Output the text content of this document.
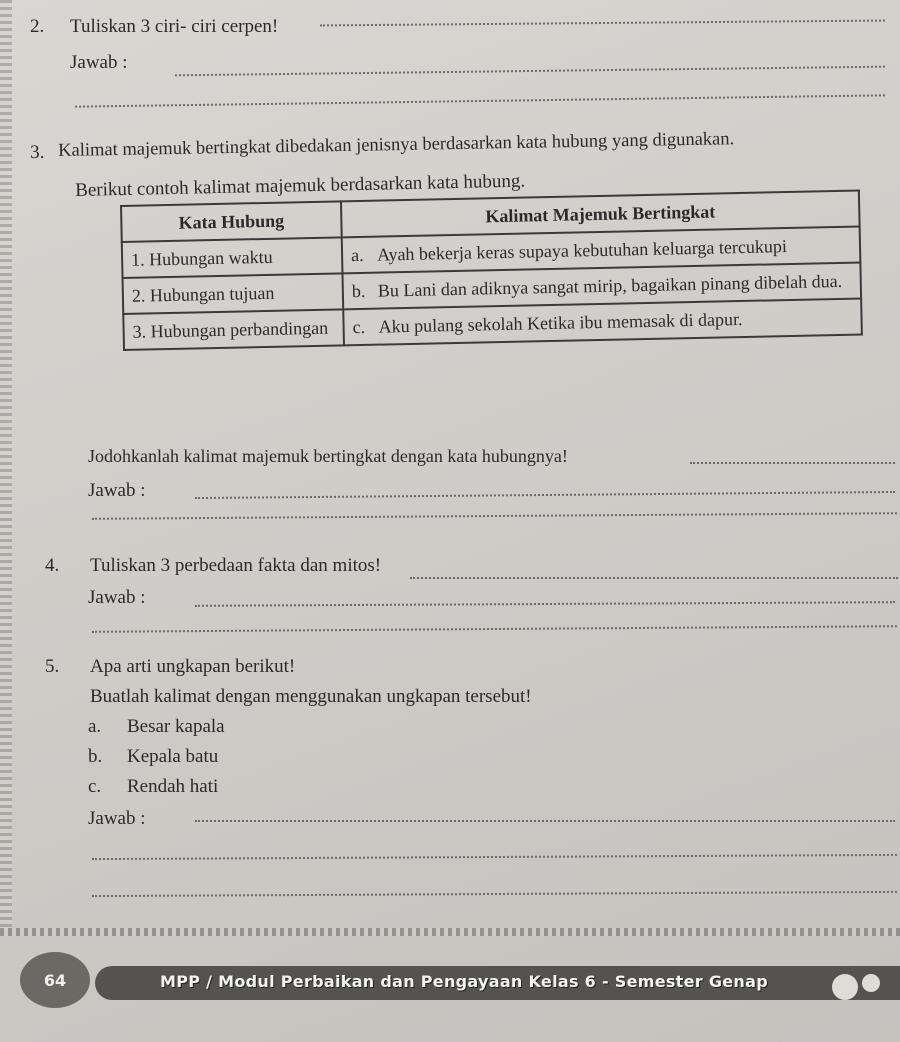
2. Tuliskan 3 ciri- ciri cerpen!
Jawab :
3. Kalimat majemuk bertingkat dibedakan jenisnya berdasarkan kata hubung yang digunakan.
Berikut contoh kalimat majemuk berdasarkan kata hubung.
Kata Hubung	Kalimat Majemuk Bertingkat
1. Hubungan waktu	a. Ayah bekerja keras supaya kebutuhan keluarga tercukupi
2. Hubungan tujuan	b. Bu Lani dan adiknya sangat mirip, bagaikan pinang dibelah dua.
3. Hubungan perbandingan	c. Aku pulang sekolah Ketika ibu memasak di dapur.
Jodohkanlah kalimat majemuk bertingkat dengan kata hubungnya!
Jawab :
4. Tuliskan 3 perbedaan fakta dan mitos!
Jawab :
5. Apa arti ungkapan berikut!
Buatlah kalimat dengan menggunakan ungkapan tersebut!
a. Besar kapala
b. Kepala batu
c. Rendah hati
Jawab :
64	MPP / Modul Perbaikan dan Pengayaan Kelas 6 - Semester Genap
